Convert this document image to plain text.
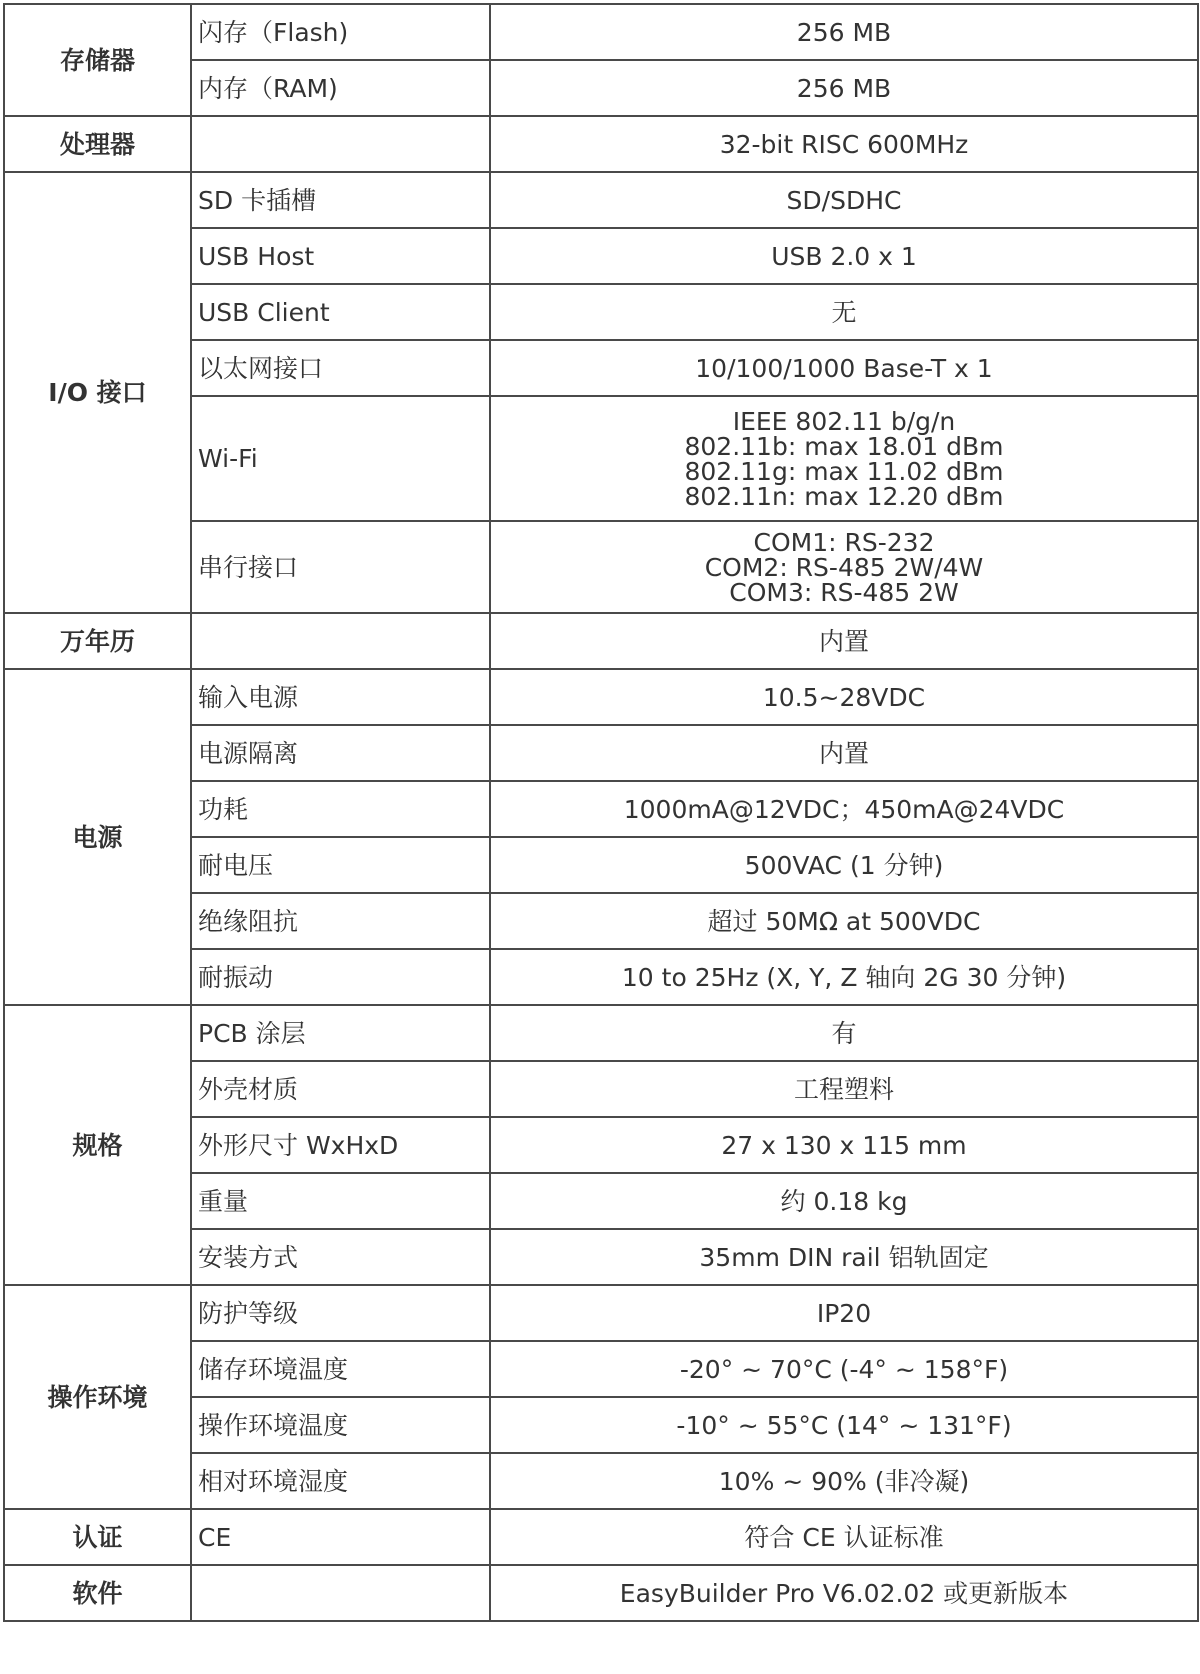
存储器	闪存（Flash)	256 MB
	内存（RAM)	256 MB
处理器		32-bit RISC 600MHz
I/O 接口	SD 卡插槽	SD/SDHC
	USB Host	USB 2.0 x 1
	USB Client	无
	以太网接口	10/100/1000 Base-T x 1
	Wi-Fi	IEEE 802.11 b/g/n
802.11b: max 18.01 dBm
802.11g: max 11.02 dBm
802.11n: max 12.20 dBm
	串行接口	COM1: RS-232
COM2: RS-485 2W/4W
COM3: RS-485 2W
万年历		内置
电源	输入电源	10.5~28VDC
	电源隔离	内置
	功耗	1000mA@12VDC；450mA@24VDC
	耐电压	500VAC (1 分钟)
	绝缘阻抗	超过 50MΩ at 500VDC
	耐振动	10 to 25Hz (X, Y, Z 轴向 2G 30 分钟)
规格	PCB 涂层	有
	外壳材质	工程塑料
	外形尺寸 WxHxD	27 x 130 x 115 mm
	重量	约 0.18 kg
	安装方式	35mm DIN rail 铝轨固定
操作环境	防护等级	IP20
	储存环境温度	-20° ~ 70°C (-4° ~ 158°F)
	操作环境温度	-10° ~ 55°C (14° ~ 131°F)
	相对环境湿度	10% ~ 90% (非冷凝)
认证	CE	符合 CE 认证标准
软件		EasyBuilder Pro V6.02.02 或更新版本
